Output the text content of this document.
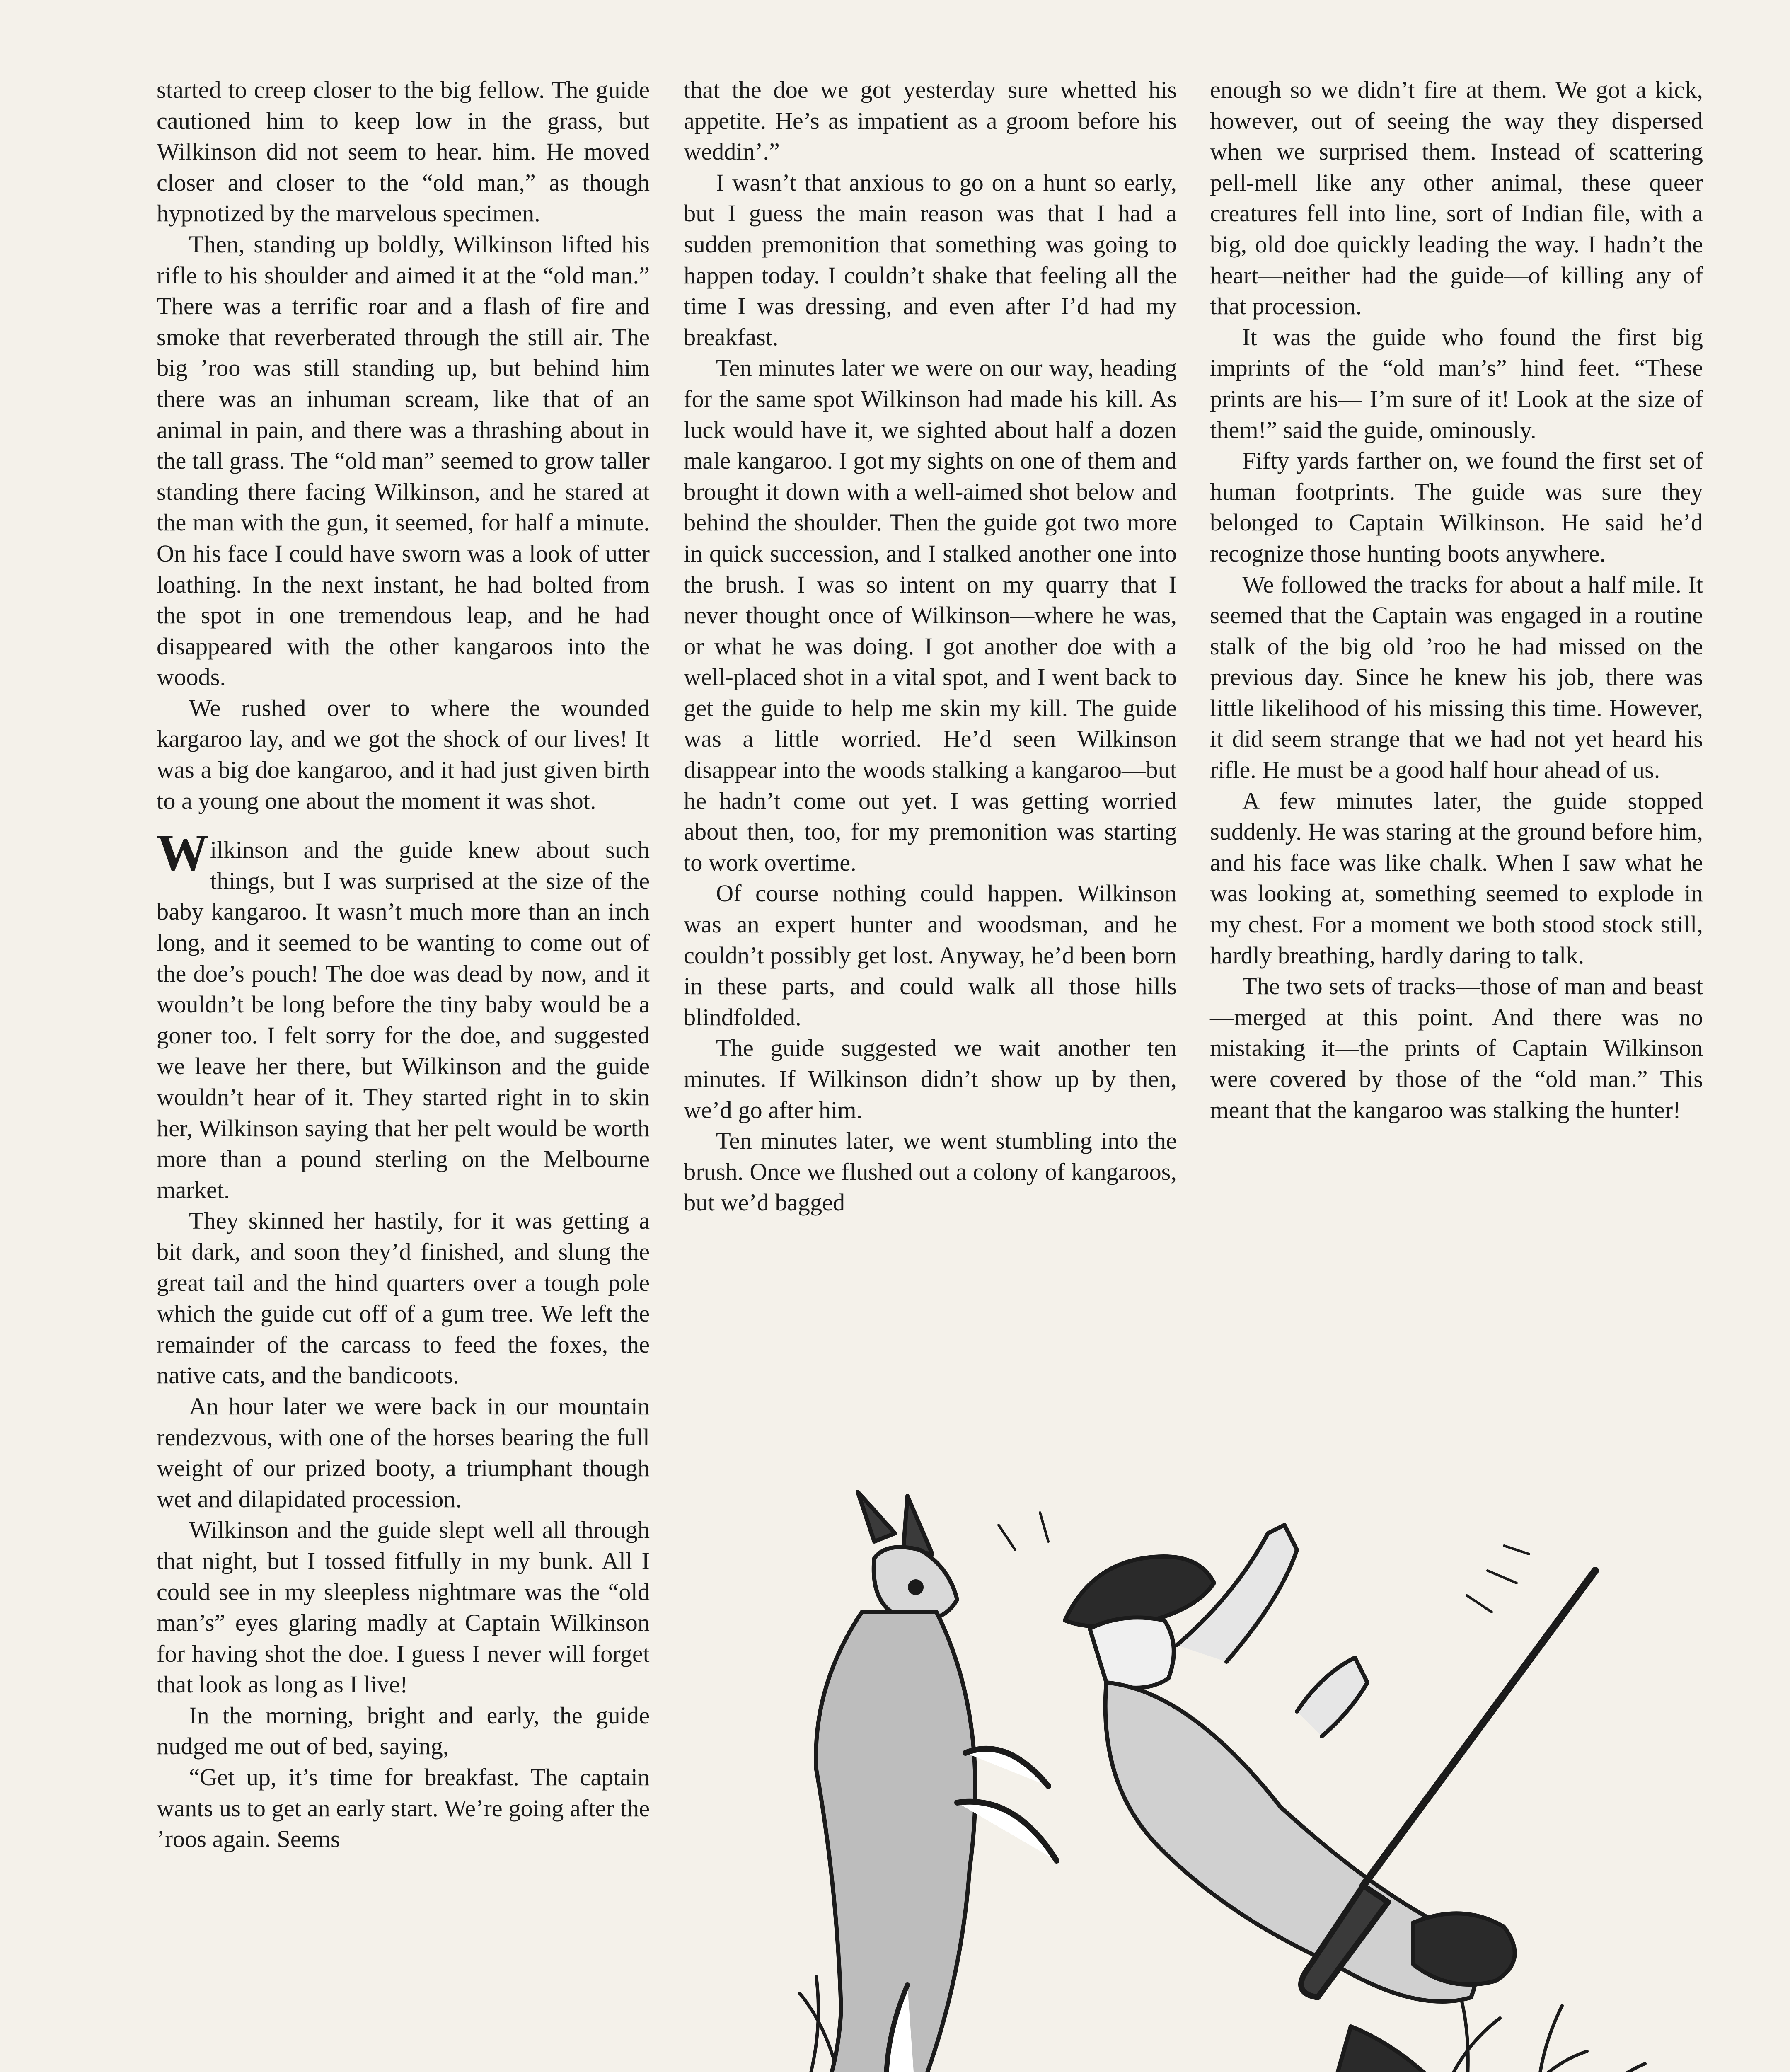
started to creep closer to the big fellow. The guide cautioned him to keep low in the grass, but Wilkinson did not seem to hear. him. He moved closer and closer to the “old man,” as though hypnotized by the marvelous specimen.

Then, standing up boldly, Wilkinson lifted his rifle to his shoulder and aimed it at the “old man.” There was a terrific roar and a flash of fire and smoke that reverberated through the still air. The big ’roo was still standing up, but behind him there was an inhuman scream, like that of an animal in pain, and there was a thrashing about in the tall grass. The “old man” seemed to grow taller standing there facing Wilkinson, and he stared at the man with the gun, it seemed, for half a minute. On his face I could have sworn was a look of utter loathing. In the next instant, he had bolted from the spot in one tremendous leap, and he had disappeared with the other kangaroos into the woods.

We rushed over to where the wounded kargaroo lay, and we got the shock of our lives! It was a big doe kangaroo, and it had just given birth to a young one about the moment it was shot.

Wilkinson and the guide knew about such things, but I was surprised at the size of the baby kangaroo. It wasn’t much more than an inch long, and it seemed to be wanting to come out of the doe’s pouch! The doe was dead by now, and it wouldn’t be long before the tiny baby would be a goner too. I felt sorry for the doe, and suggested we leave her there, but Wilkinson and the guide wouldn’t hear of it. They started right in to skin her, Wilkinson saying that her pelt would be worth more than a pound sterling on the Melbourne market.

They skinned her hastily, for it was getting a bit dark, and soon they’d finished, and slung the great tail and the hind quarters over a tough pole which the guide cut off of a gum tree. We left the remainder of the carcass to feed the foxes, the native cats, and the bandicoots.

An hour later we were back in our mountain rendezvous, with one of the horses bearing the full weight of our prized booty, a triumphant though wet and dilapidated procession.

Wilkinson and the guide slept well all through that night, but I tossed fitfully in my bunk. All I could see in my sleepless nightmare was the “old man’s” eyes glaring madly at Captain Wilkinson for having shot the doe. I guess I never will forget that look as long as I live!

In the morning, bright and early, the guide nudged me out of bed, saying,

“Get up, it’s time for breakfast. The captain wants us to get an early start. We’re going after the ’roos again. Seems

that the doe we got yesterday sure whetted his appetite. He’s as impatient as a groom before his weddin’.”

I wasn’t that anxious to go on a hunt so early, but I guess the main reason was that I had a sudden premonition that something was going to happen today. I couldn’t shake that feeling all the time I was dressing, and even after I’d had my breakfast.

Ten minutes later we were on our way, heading for the same spot Wilkinson had made his kill. As luck would have it, we sighted about half a dozen male kangaroo. I got my sights on one of them and brought it down with a well-aimed shot below and behind the shoulder. Then the guide got two more in quick succession, and I stalked another one into the brush. I was so intent on my quarry that I never thought once of Wilkinson—where he was, or what he was doing. I got another doe with a well-placed shot in a vital spot, and I went back to get the guide to help me skin my kill. The guide was a little worried. He’d seen Wilkinson disappear into the woods stalking a kangaroo—but he hadn’t come out yet. I was getting worried about then, too, for my premonition was starting to work overtime.

Of course nothing could happen. Wilkinson was an expert hunter and woodsman, and he couldn’t possibly get lost. Anyway, he’d been born in these parts, and could walk all those hills blindfolded.

The guide suggested we wait another ten minutes. If Wilkinson didn’t show up by then, we’d go after him.

Ten minutes later, we went stumbling into the brush. Once we flushed out a colony of kangaroos, but we’d bagged

enough so we didn’t fire at them. We got a kick, however, out of seeing the way they dispersed when we surprised them. Instead of scattering pell-mell like any other animal, these queer creatures fell into line, sort of Indian file, with a big, old doe quickly leading the way. I hadn’t the heart—neither had the guide—of killing any of that procession.

It was the guide who found the first big imprints of the “old man’s” hind feet. “These prints are his— I’m sure of it! Look at the size of them!” said the guide, ominously.

Fifty yards farther on, we found the first set of human footprints. The guide was sure they belonged to Captain Wilkinson. He said he’d recognize those hunting boots anywhere.

We followed the tracks for about a half mile. It seemed that the Captain was engaged in a routine stalk of the big old ’roo he had missed on the previous day. Since he knew his job, there was little likelihood of his missing this time. However, it did seem strange that we had not yet heard his rifle. He must be a good half hour ahead of us.

A few minutes later, the guide stopped suddenly. He was staring at the ground before him, and his face was like chalk. When I saw what he was looking at, something seemed to explode in my chest. For a moment we both stood stock still, hardly breathing, hardly daring to talk.

The two sets of tracks—those of man and beast—merged at this point. And there was no mistaking it—the prints of Captain Wilkinson were covered by those of the “old man.” This meant that the kangaroo was stalking the hunter!
